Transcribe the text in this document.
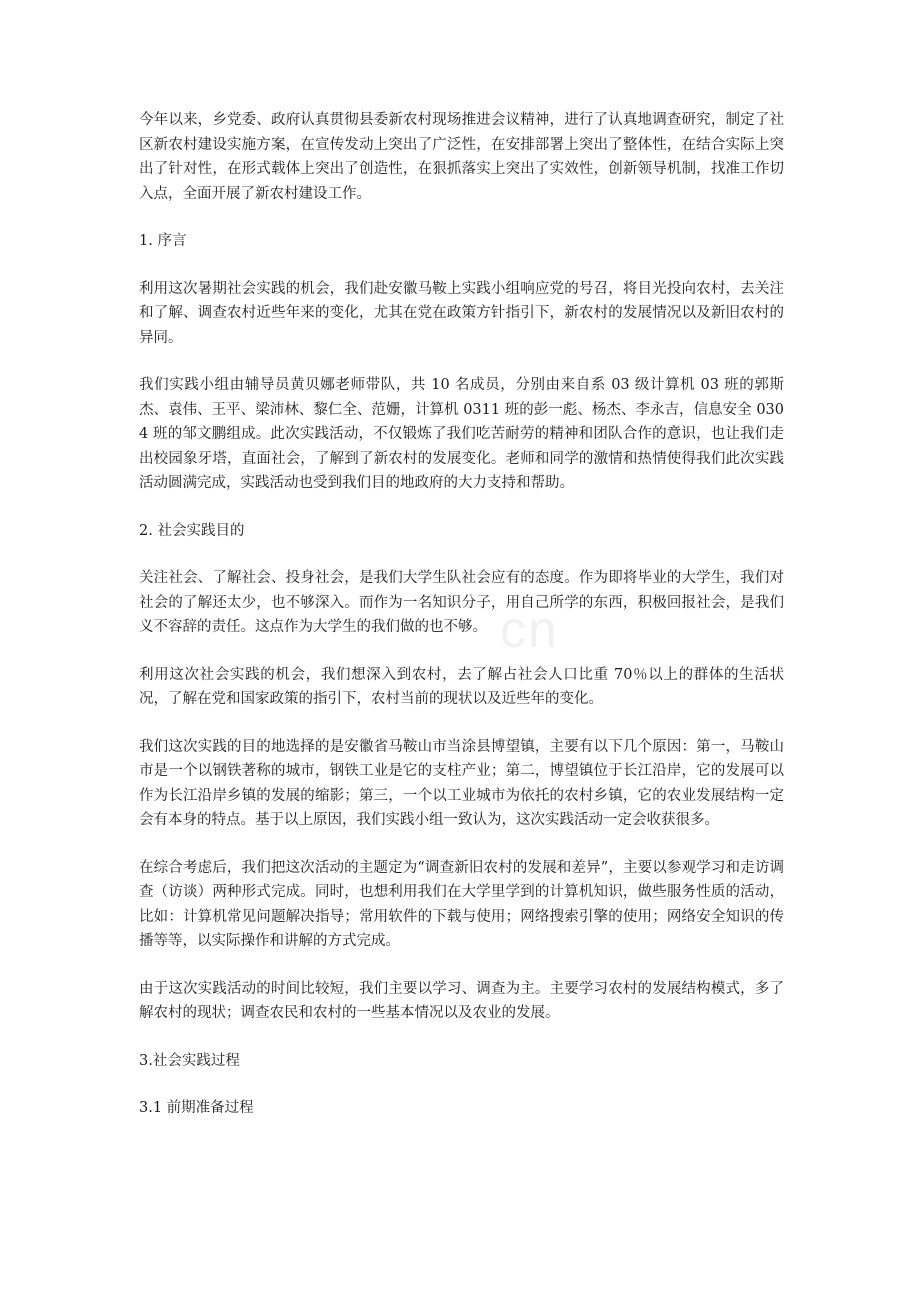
cn

今年以来，乡党委、政府认真贯彻县委新农村现场推进会议精神，进行了认真地调查研究，制定了社区新农村建设实施方案，在宣传发动上突出了广泛性，在安排部署上突出了整体性，在结合实际上突出了针对性，在形式载体上突出了创造性，在狠抓落实上突出了实效性，创新领导机制，找准工作切入点，全面开展了新农村建设工作。

1. 序言

利用这次暑期社会实践的机会，我们赴安徽马鞍上实践小组响应党的号召，将目光投向农村，去关注和了解、调查农村近些年来的变化，尤其在党在政策方针指引下，新农村的发展情况以及新旧农村的异同。

我们实践小组由辅导员黄贝娜老师带队，共 10 名成员，分别由来自系 03 级计算机 03 班的郭斯杰、袁伟、王平、梁沛林、黎仁全、范姗，计算机 0311 班的彭一彪、杨杰、李永吉，信息安全 0304 班的邹文鹏组成。此次实践活动，不仅锻炼了我们吃苦耐劳的精神和团队合作的意识，也让我们走出校园象牙塔，直面社会，了解到了新农村的发展变化。老师和同学的激情和热情使得我们此次实践活动圆满完成，实践活动也受到我们目的地政府的大力支持和帮助。

2. 社会实践目的

关注社会、了解社会、投身社会，是我们大学生队社会应有的态度。作为即将毕业的大学生，我们对社会的了解还太少，也不够深入。而作为一名知识分子，用自己所学的东西，积极回报社会，是我们义不容辞的责任。这点作为大学生的我们做的也不够。

利用这次社会实践的机会，我们想深入到农村，去了解占社会人口比重 70％以上的群体的生活状况，了解在党和国家政策的指引下，农村当前的现状以及近些年的变化。

我们这次实践的目的地选择的是安徽省马鞍山市当涂县博望镇，主要有以下几个原因：第一，马鞍山市是一个以钢铁著称的城市，钢铁工业是它的支柱产业；第二，博望镇位于长江沿岸，它的发展可以作为长江沿岸乡镇的发展的缩影；第三，一个以工业城市为依托的农村乡镇，它的农业发展结构一定会有本身的特点。基于以上原因，我们实践小组一致认为，这次实践活动一定会收获很多。

在综合考虑后，我们把这次活动的主题定为“调查新旧农村的发展和差异”，主要以参观学习和走访调查（访谈）两种形式完成。同时，也想利用我们在大学里学到的计算机知识，做些服务性质的活动，比如：计算机常见问题解决指导；常用软件的下载与使用；网络搜索引擎的使用；网络安全知识的传播等等，以实际操作和讲解的方式完成。

由于这次实践活动的时间比较短，我们主要以学习、调查为主。主要学习农村的发展结构模式，多了解农村的现状；调查农民和农村的一些基本情况以及农业的发展。

3.社会实践过程

3.1 前期准备过程
